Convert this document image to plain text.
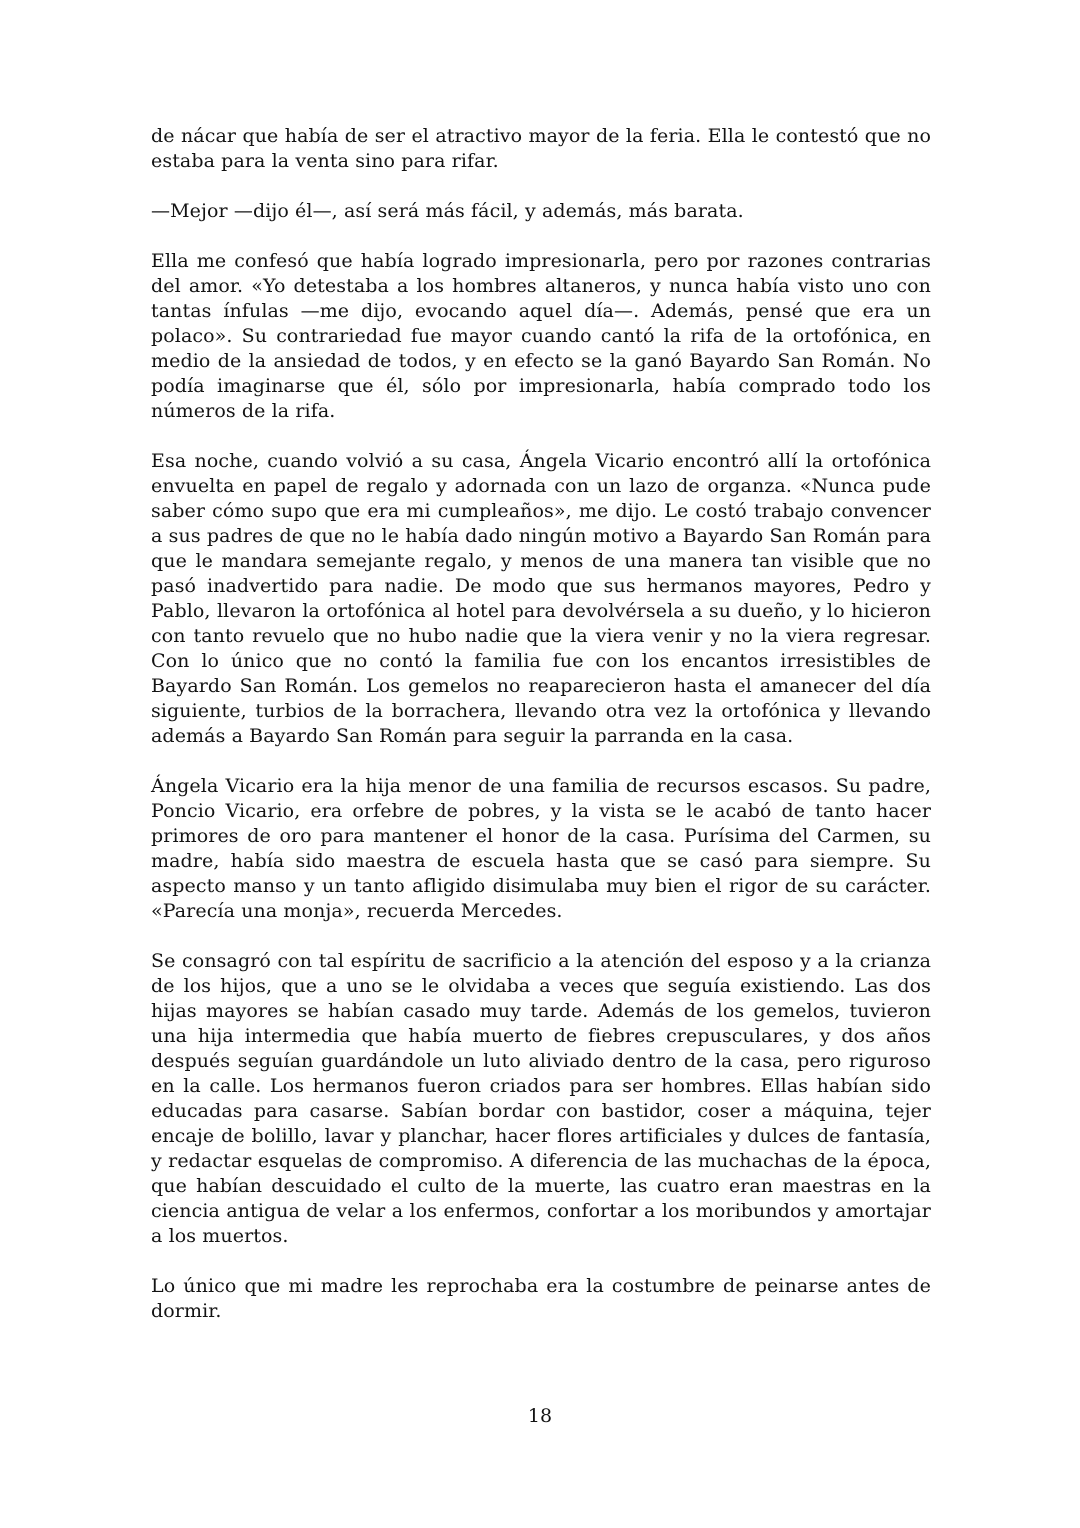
de nácar que había de ser el atractivo mayor de la feria. Ella le contestó que no estaba para la venta sino para rifar.

—Mejor —dijo él—, así será más fácil, y además, más barata.

Ella me confesó que había logrado impresionarla, pero por razones contrarias del amor. «Yo detestaba a los hombres altaneros, y nunca había visto uno con tantas ínfulas —me dijo, evocando aquel día—. Además, pensé que era un polaco». Su contrariedad fue mayor cuando cantó la rifa de la ortofónica, en medio de la ansiedad de todos, y en efecto se la ganó Bayardo San Román. No podía imaginarse que él, sólo por impresionarla, había comprado todo los números de la rifa.

Esa noche, cuando volvió a su casa, Ángela Vicario encontró allí la ortofónica envuelta en papel de regalo y adornada con un lazo de organza. «Nunca pude saber cómo supo que era mi cumpleaños», me dijo. Le costó trabajo convencer a sus padres de que no le había dado ningún motivo a Bayardo San Román para que le mandara semejante regalo, y menos de una manera tan visible que no pasó inadvertido para nadie. De modo que sus hermanos mayores, Pedro y Pablo, llevaron la ortofónica al hotel para devolvérsela a su dueño, y lo hicieron con tanto revuelo que no hubo nadie que la viera venir y no la viera regresar. Con lo único que no contó la familia fue con los encantos irresistibles de Bayardo San Román. Los gemelos no reaparecieron hasta el amanecer del día siguiente, turbios de la borrachera, llevando otra vez la ortofónica y llevando además a Bayardo San Román para seguir la parranda en la casa.

Ángela Vicario era la hija menor de una familia de recursos escasos. Su padre, Poncio Vicario, era orfebre de pobres, y la vista se le acabó de tanto hacer primores de oro para mantener el honor de la casa. Purísima del Carmen, su madre, había sido maestra de escuela hasta que se casó para siempre. Su aspecto manso y un tanto afligido disimulaba muy bien el rigor de su carácter. «Parecía una monja», recuerda Mercedes.

Se consagró con tal espíritu de sacrificio a la atención del esposo y a la crianza de los hijos, que a uno se le olvidaba a veces que seguía existiendo. Las dos hijas mayores se habían casado muy tarde. Además de los gemelos, tuvieron una hija intermedia que había muerto de fiebres crepusculares, y dos años después seguían guardándole un luto aliviado dentro de la casa, pero riguroso en la calle. Los hermanos fueron criados para ser hombres. Ellas habían sido educadas para casarse. Sabían bordar con bastidor, coser a máquina, tejer encaje de bolillo, lavar y planchar, hacer flores artificiales y dulces de fantasía, y redactar esquelas de compromiso. A diferencia de las muchachas de la época, que habían descuidado el culto de la muerte, las cuatro eran maestras en la ciencia antigua de velar a los enfermos, confortar a los moribundos y amortajar a los muertos.

Lo único que mi madre les reprochaba era la costumbre de peinarse antes de dormir.

18
